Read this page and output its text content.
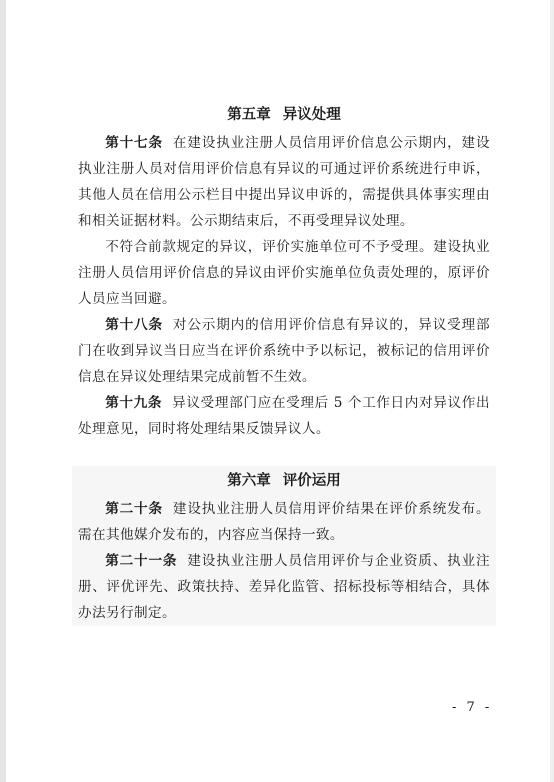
第五章 异议处理

第十七条 在建设执业注册人员信用评价信息公示期内，建设执业注册人员对信用评价信息有异议的可通过评价系统进行申诉，其他人员在信用公示栏目中提出异议申诉的，需提供具体事实理由和相关证据材料。公示期结束后，不再受理异议处理。

不符合前款规定的异议，评价实施单位可不予受理。建设执业注册人员信用评价信息的异议由评价实施单位负责处理的，原评价人员应当回避。

第十八条 对公示期内的信用评价信息有异议的，异议受理部门在收到异议当日应当在评价系统中予以标记，被标记的信用评价信息在异议处理结果完成前暂不生效。

第十九条 异议受理部门应在受理后 5 个工作日内对异议作出处理意见，同时将处理结果反馈异议人。

第六章 评价运用

第二十条 建设执业注册人员信用评价结果在评价系统发布。需在其他媒介发布的，内容应当保持一致。

第二十一条 建设执业注册人员信用评价与企业资质、执业注册、评优评先、政策扶持、差异化监管、招标投标等相结合，具体办法另行制定。

- 7 -
